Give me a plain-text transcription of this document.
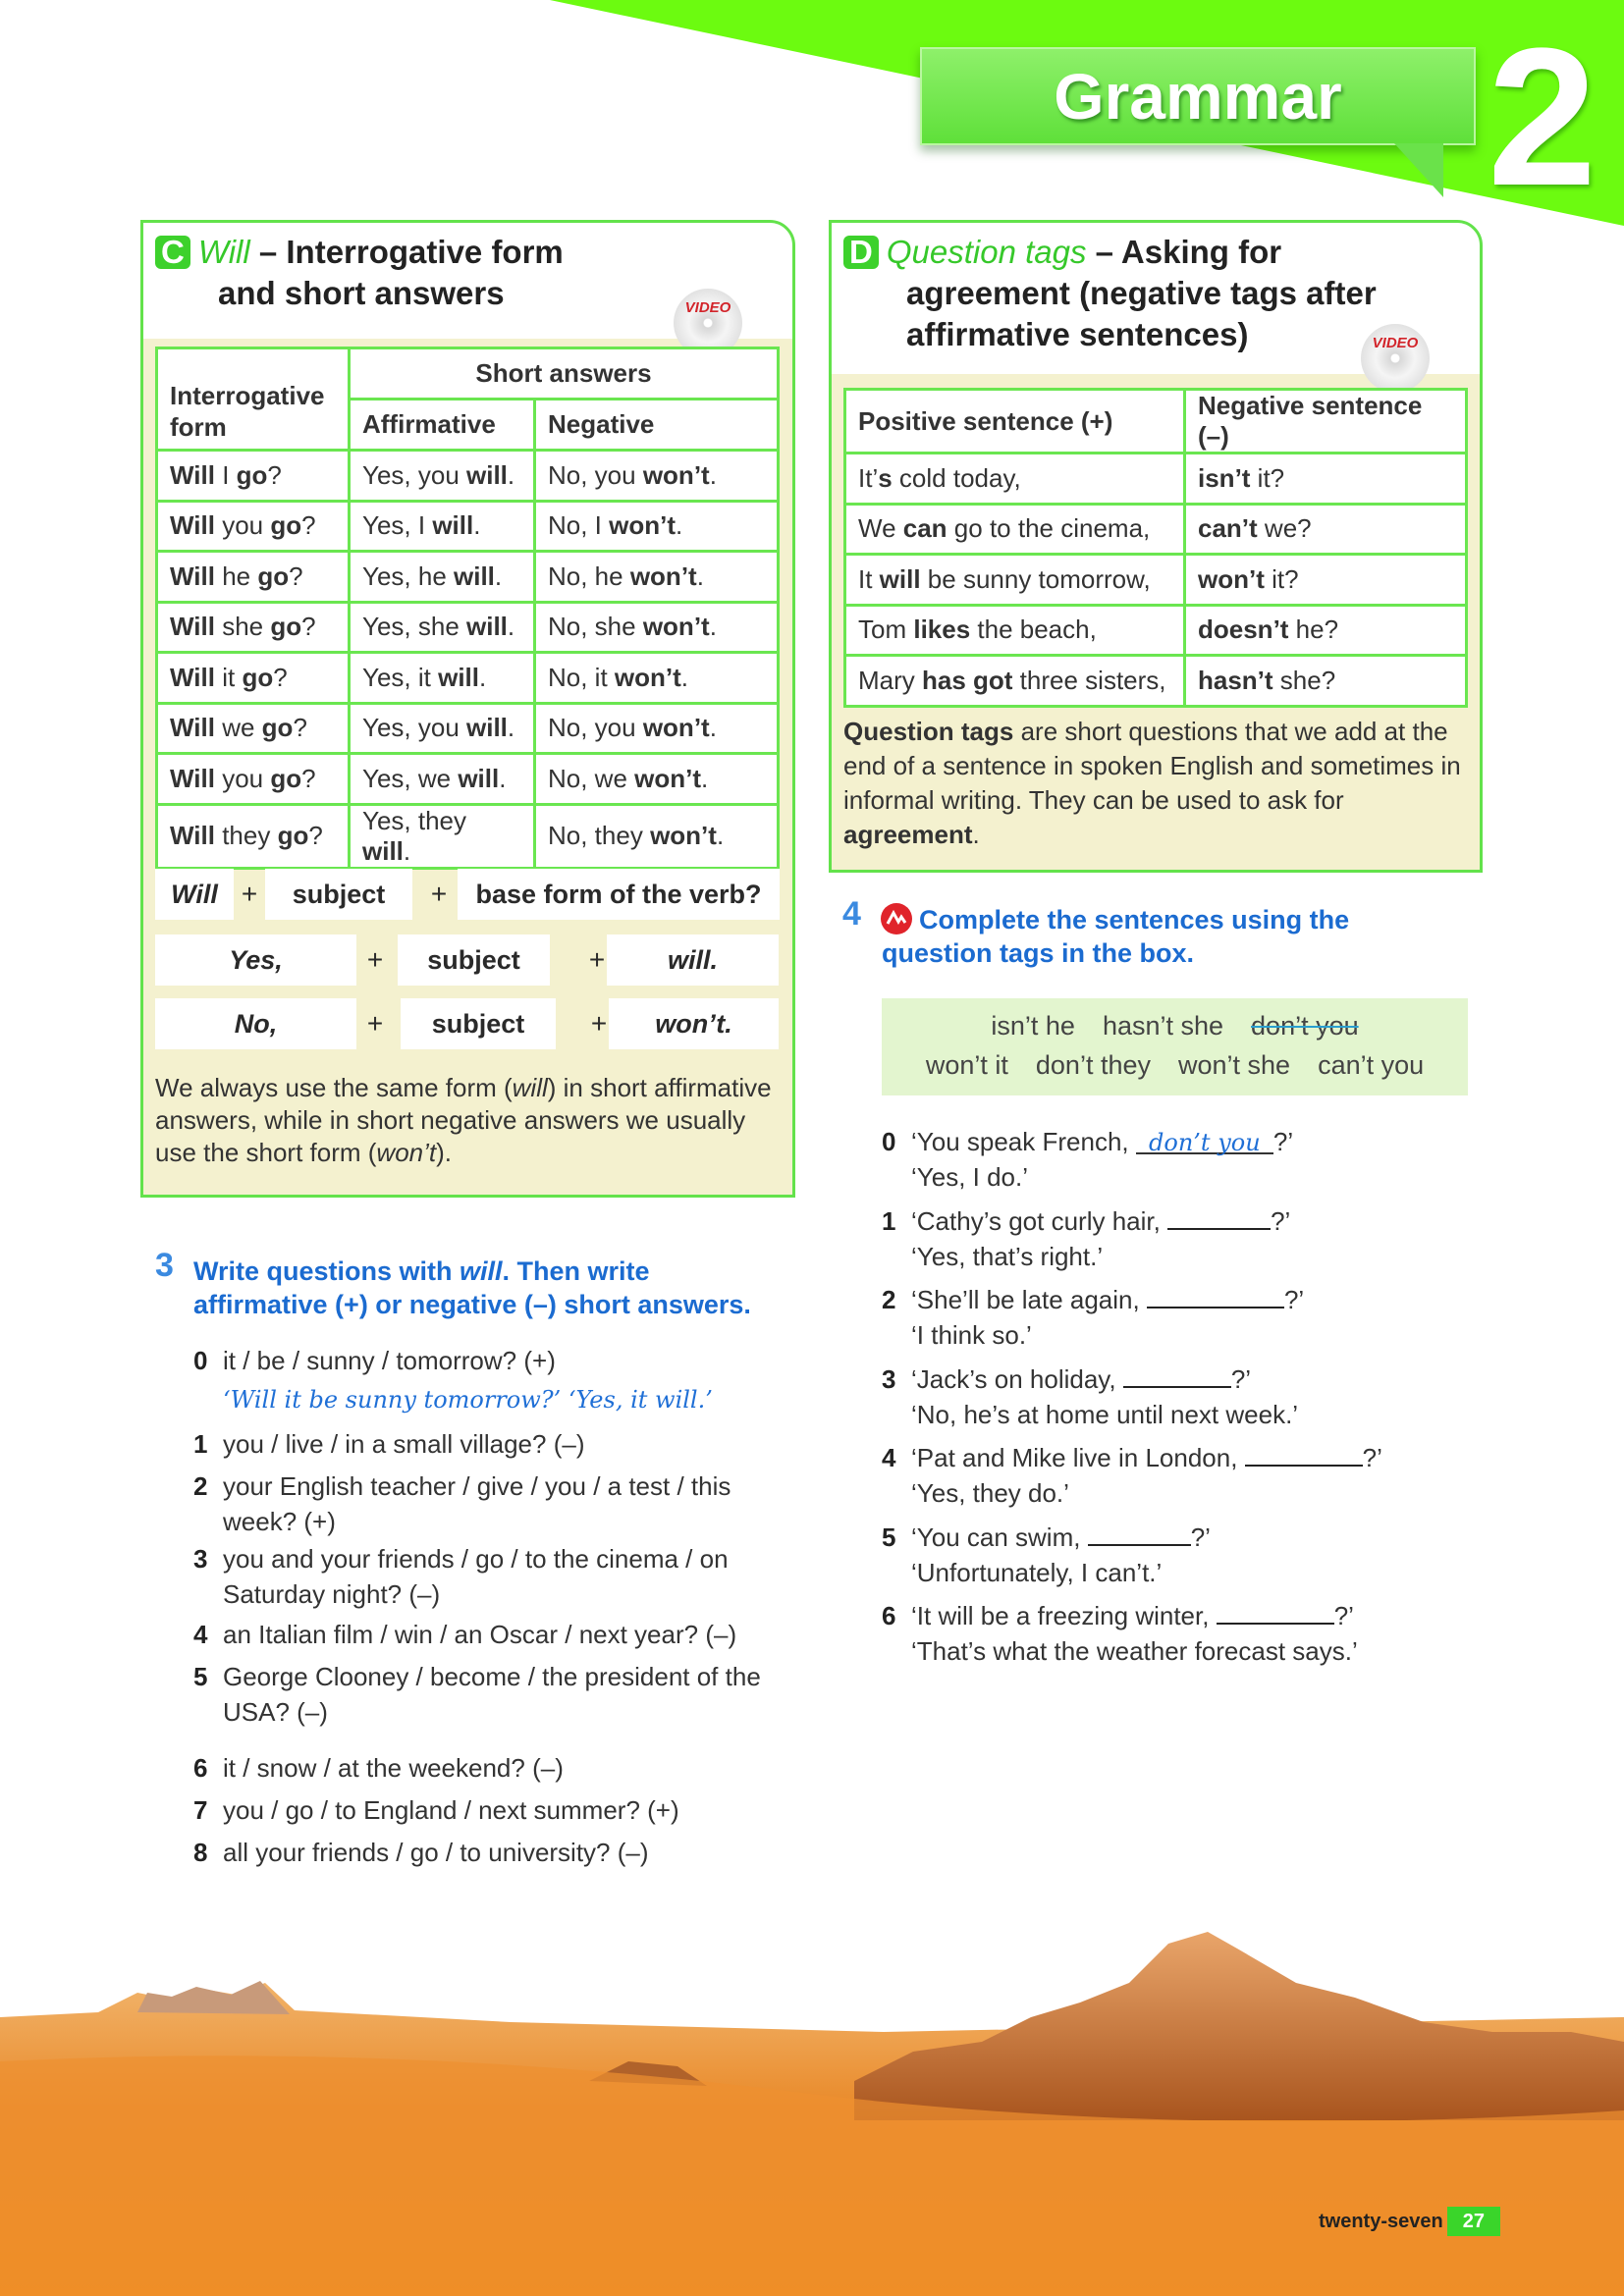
Grammar 2
C Will – Interrogative form
and short answers	VIDEO
Interrogative form	Short answers	
	Affirmative	Negative
Will I go?	Yes, you will.	No, you won’t.
Will you go?	Yes, I will.	No, I won’t.
Will he go?	Yes, he will.	No, he won’t.
Will she go?	Yes, she will.	No, she won’t.
Will it go?	Yes, it will.	No, it won’t.
Will we go?	Yes, you will.	No, you won’t.
Will you go?	Yes, we will.	No, we won’t.
Will they go?	Yes, they will.	No, they won’t.
Will +	subject	+	base form of the verb?
Yes,	+	subject	+	will.
No,	+	subject	+	won’t.
We always use the same form (will) in short affirmative answers, while in short negative answers we usually use the short form (won’t).
D Question tags – Asking for
agreement (negative tags after
affirmative sentences)	VIDEO
Positive sentence (+)	Negative sentence (–)
It’s cold today,	isn’t it?
We can go to the cinema,	can’t we?
It will be sunny tomorrow,	won’t it?
Tom likes the beach,	doesn’t he?
Mary has got three sisters,	hasn’t she?
Question tags are short questions that we add at the end of a sentence in spoken English and sometimes in informal writing. They can be used to ask for agreement.
3 Write questions with will. Then write affirmative (+) or negative (–) short answers.
0 it / be / sunny / tomorrow? (+)
‘Will it be sunny tomorrow?’ ‘Yes, it will.’
1 you / live / in a small village? (–)
2 your English teacher / give / you / a test / this week? (+)
3 you and your friends / go / to the cinema / on Saturday night? (–)
4 an Italian film / win / an Oscar / next year? (–)
5 George Clooney / become / the president of the USA? (–)
6 it / snow / at the weekend? (–)
7 you / go / to England / next summer? (+)
8 all your friends / go / to university? (–)
4	Complete the sentences using the question tags in the box.
isn’t he hasn’t she don’t you
won’t it don’t they won’t she can’t you
0 ‘You speak French, don’t you ?’
‘Yes, I do.’
1 ‘Cathy’s got curly hair,	?’
‘Yes, that’s right.’
2 ‘She’ll be late again,	?’
‘I think so.’
3 ‘Jack’s on holiday,	?’
‘No, he’s at home until next week.’
4 ‘Pat and Mike live in London,	?’
‘Yes, they do.’
5 ‘You can swim,	?’
‘Unfortunately, I can’t.’
6 ‘It will be a freezing winter,	?’
‘That’s what the weather forecast says.’
twenty-seven 27
